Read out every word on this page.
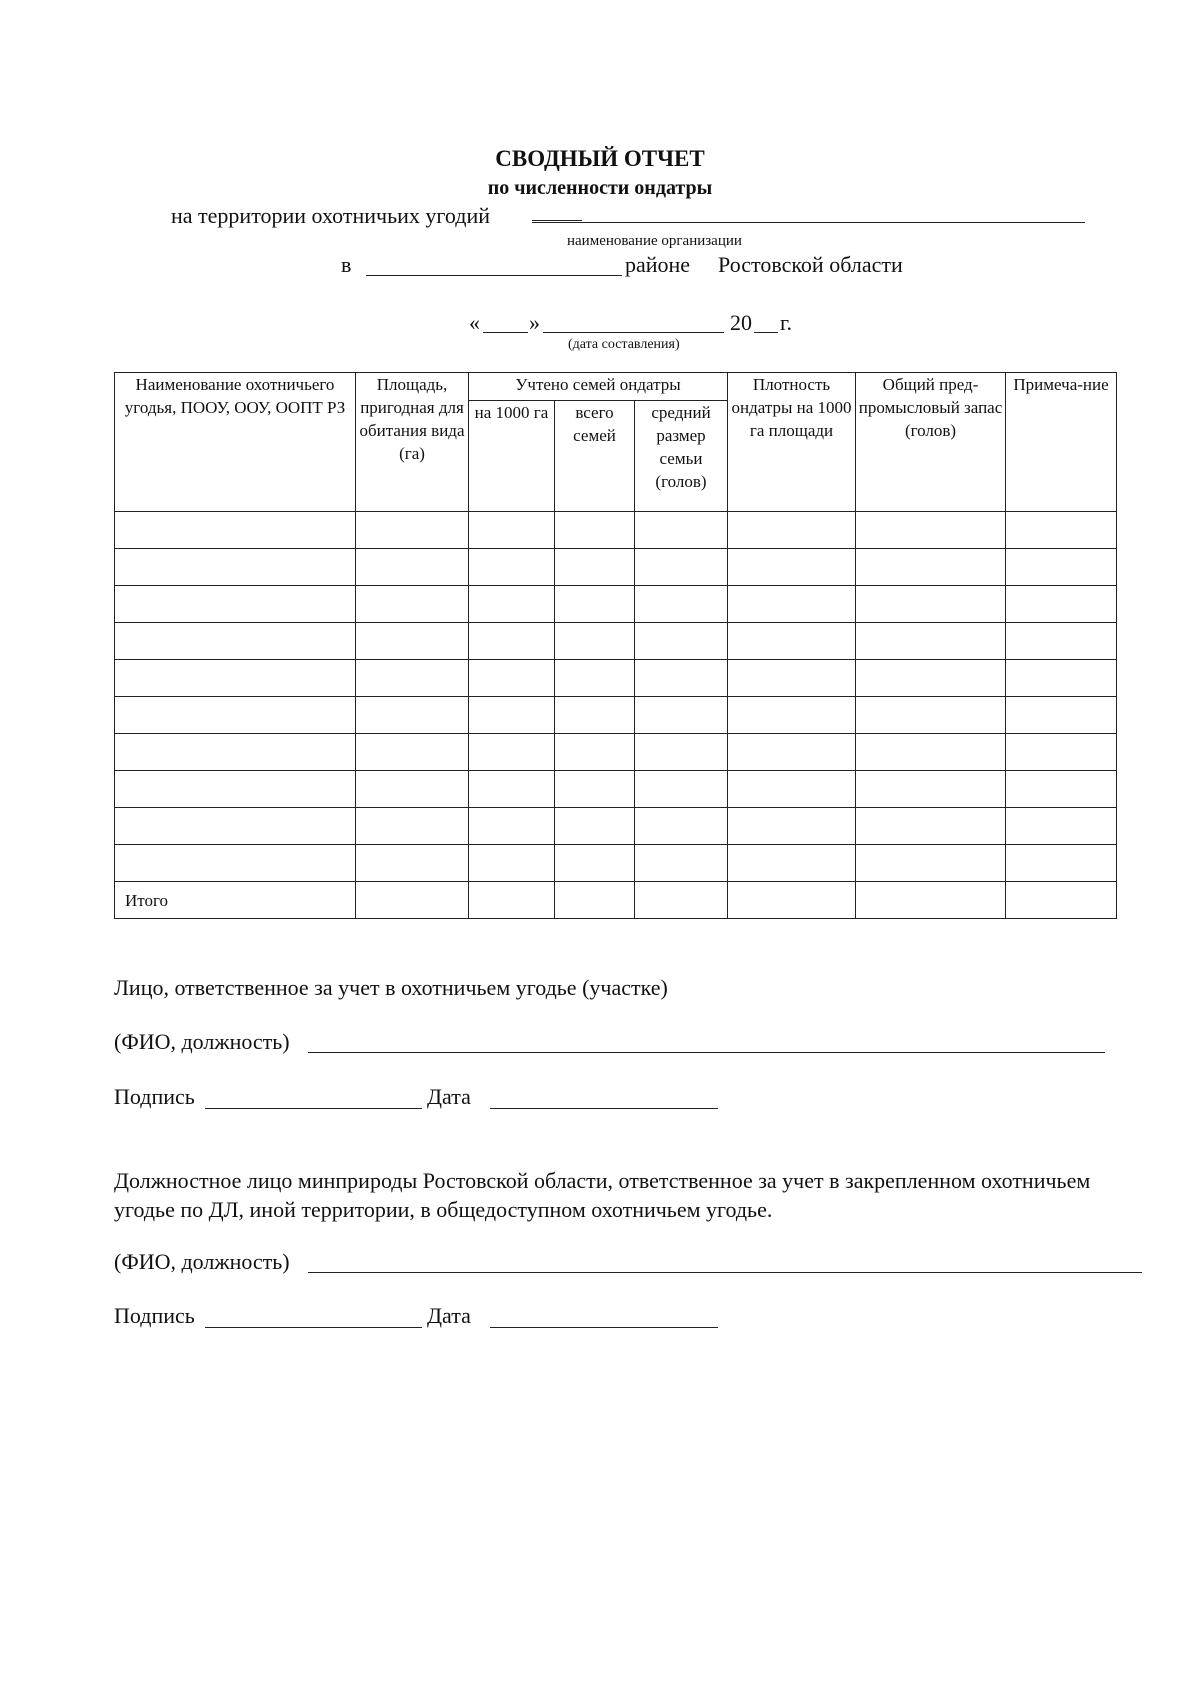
СВОДНЫЙ ОТЧЕТ
по численности ондатры
на территории охотничьих угодий
наименование организации
в	районе Ростовской области
« »	20 г.
(дата составления)
Наименование охотничьего угодья, ПООУ, ООУ, ООПТ РЗ	Площадь, пригодная для обитания вида (га)	Учтено семей ондатры			Плотность ондатры на 1000 га площади	Общий пред-промысловый запас (голов)	Примеча-ние
		на 1000 га	всего семей	средний размер семьи (голов)			

Итого							
Лицо, ответственное за учет в охотничьем угодье (участке)
(ФИО, должность)
Подпись	Дата
Должностное лицо минприроды Ростовской области, ответственное за учет в закрепленном охотничьем угодье по ДЛ, иной территории, в общедоступном охотничьем угодье.
(ФИО, должность)
Подпись	Дата
